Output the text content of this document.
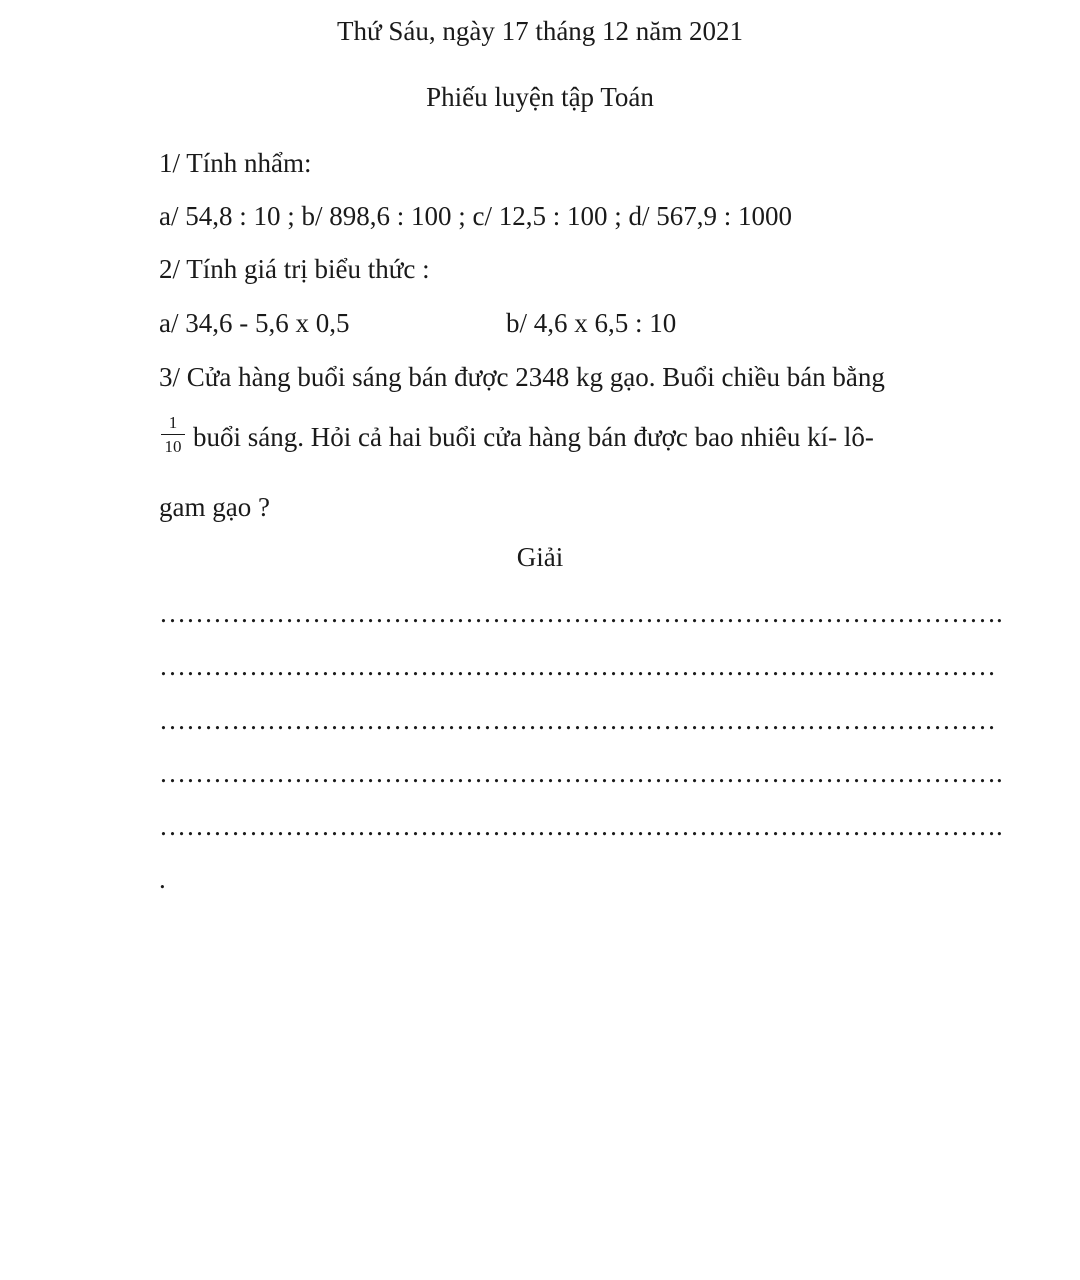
Thứ Sáu, ngày 17 tháng 12 năm 2021
Phiếu luyện tập Toán
1/ Tính nhẩm:
a/ 54,8 : 10 ; b/ 898,6 : 100 ; c/ 12,5 : 100 ; d/ 567,9 : 1000
2/ Tính giá trị biểu thức :
a/ 34,6 - 5,6 x 0,5	b/ 4,6 x 6,5 : 10
3/ Cửa hàng buổi sáng bán được 2348 kg gạo. Buổi chiều bán bằng
1
10 buổi sáng. Hỏi cả hai buổi cửa hàng bán được bao nhiêu kí- lô-
gam gạo ?
Giải
………………………………………………………………………………….
…………………………………………………………………………………
…………………………………………………………………………………
………………………………………………………………………………….
………………………………………………………………………………….
.
